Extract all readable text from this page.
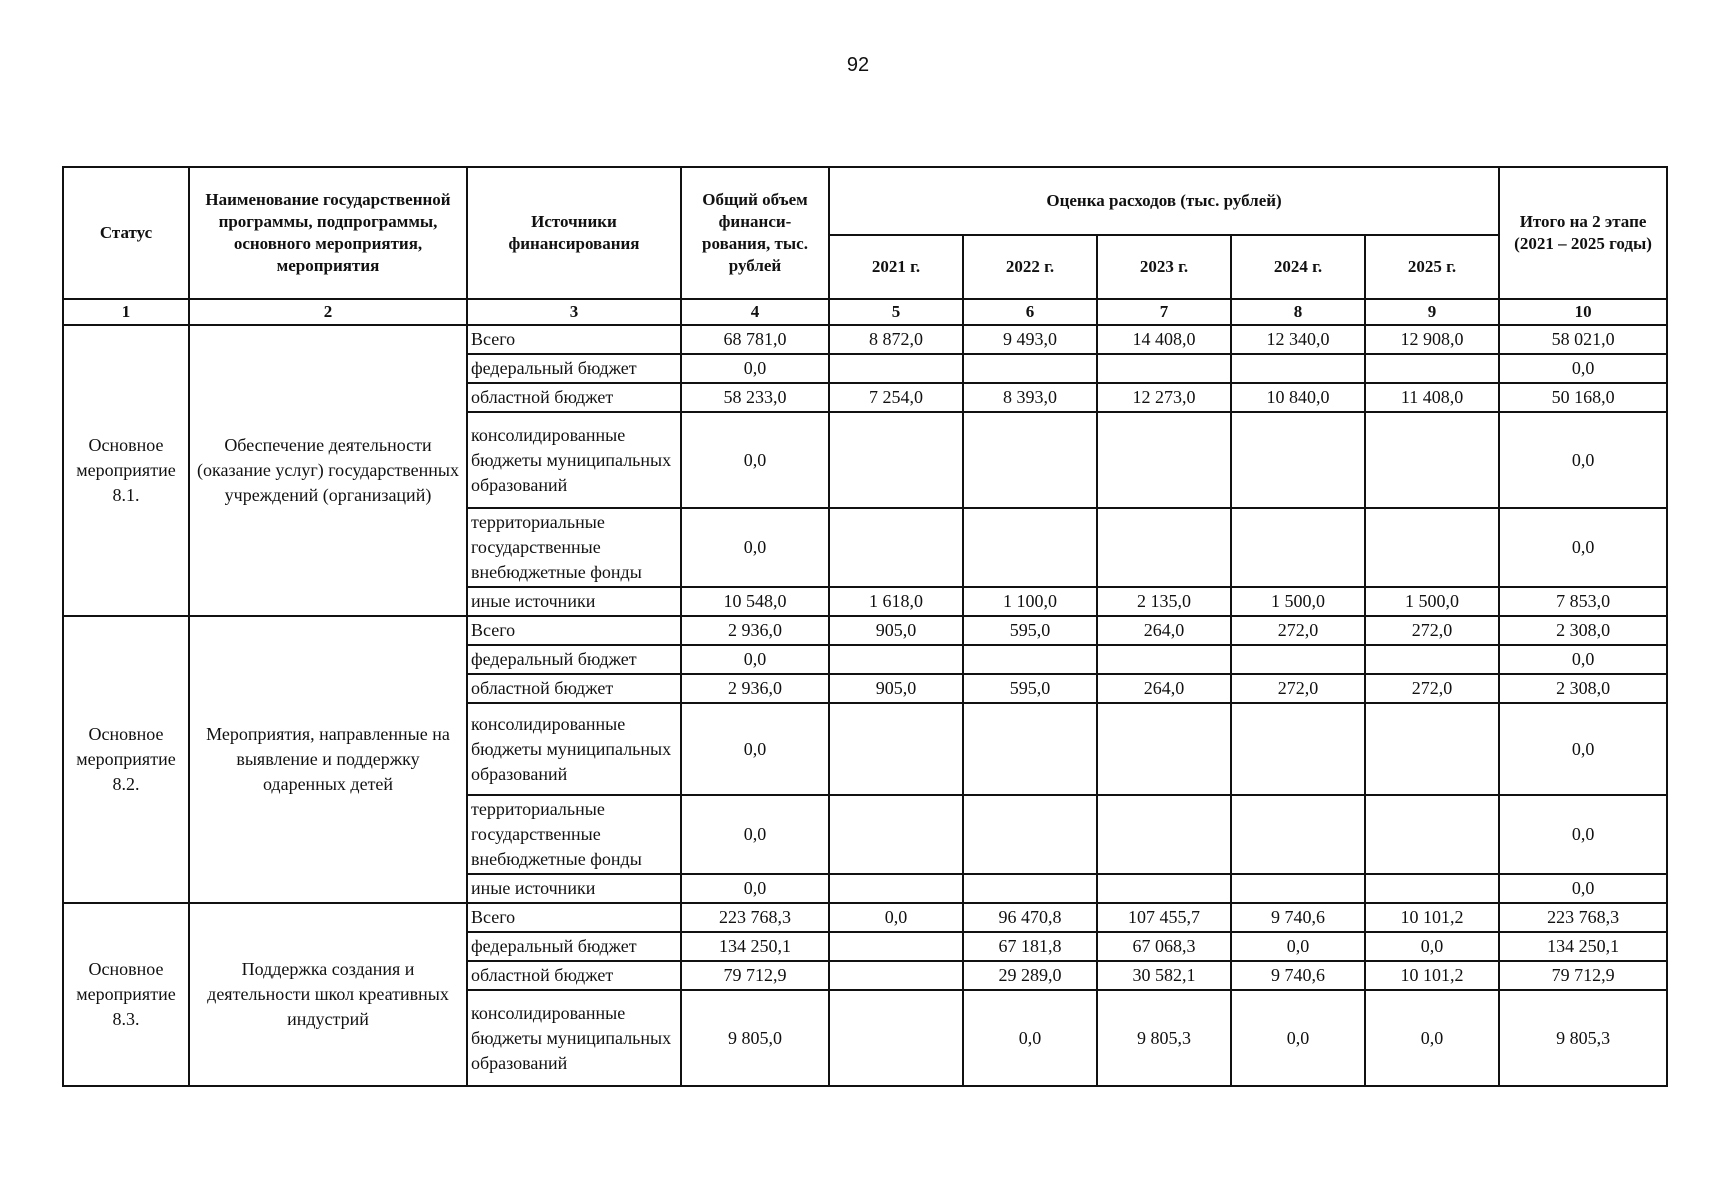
92
Статус	Наименование государственной программы, подпрограммы, основного мероприятия, мероприятия	Источники финансирования	Общий объем финанси-рования, тыс. рублей	Оценка расходов (тыс. рублей)					Итого на 2 этапе (2021 – 2025 годы)
				2021 г.	2022 г.	2023 г.	2024 г.	2025 г.	
1	2	3	4	5	6	7	8	9	10
Основное мероприятие 8.1.	Обеспечение деятельности (оказание услуг) государственных учреждений (организаций)	Всего	68 781,0	8 872,0	9 493,0	14 408,0	12 340,0	12 908,0	58 021,0
		федеральный бюджет	0,0						0,0
		областной бюджет	58 233,0	7 254,0	8 393,0	12 273,0	10 840,0	11 408,0	50 168,0
		консолидированные бюджеты муниципальных образований	0,0						0,0
		территориальные государственные внебюджетные фонды	0,0						0,0
		иные источники	10 548,0	1 618,0	1 100,0	2 135,0	1 500,0	1 500,0	7 853,0
Основное мероприятие 8.2.	Мероприятия, направленные на выявление и поддержку одаренных детей	Всего	2 936,0	905,0	595,0	264,0	272,0	272,0	2 308,0
		федеральный бюджет	0,0						0,0
		областной бюджет	2 936,0	905,0	595,0	264,0	272,0	272,0	2 308,0
		консолидированные бюджеты муниципальных образований	0,0						0,0
		территориальные государственные внебюджетные фонды	0,0						0,0
		иные источники	0,0						0,0
Основное мероприятие 8.3.	Поддержка создания и деятельности школ креативных индустрий	Всего	223 768,3	0,0	96 470,8	107 455,7	9 740,6	10 101,2	223 768,3
		федеральный бюджет	134 250,1		67 181,8	67 068,3	0,0	0,0	134 250,1
		областной бюджет	79 712,9		29 289,0	30 582,1	9 740,6	10 101,2	79 712,9
		консолидированные бюджеты муниципальных образований	9 805,0		0,0	9 805,3	0,0	0,0	9 805,3
